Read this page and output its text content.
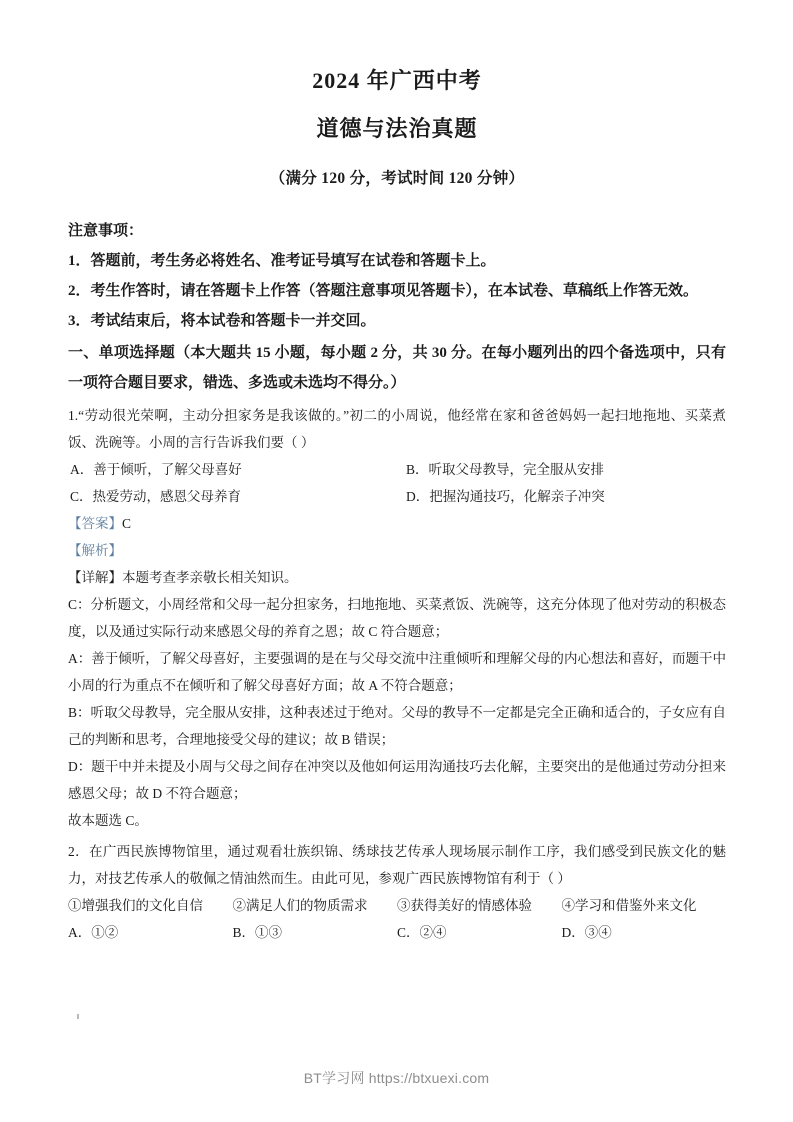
2024 年广西中考
道德与法治真题
（满分 120 分，考试时间 120 分钟）
注意事项：
1．答题前，考生务必将姓名、准考证号填写在试卷和答题卡上。
2．考生作答时，请在答题卡上作答（答题注意事项见答题卡），在本试卷、草稿纸上作答无效。
3．考试结束后，将本试卷和答题卡一并交回。
一、单项选择题（本大题共 15 小题，每小题 2 分，共 30 分。在每小题列出的四个备选项中，只有一项符合题目要求，错选、多选或未选均不得分。）
1.“劳动很光荣啊，主动分担家务是我该做的。”初二的小周说，他经常在家和爸爸妈妈一起扫地拖地、买菜煮饭、洗碗等。小周的言行告诉我们要（ ）
A．善于倾听，了解父母喜好	B．听取父母教导，完全服从安排
C．热爱劳动，感恩父母养育	D．把握沟通技巧，化解亲子冲突
【答案】C
【解析】
【详解】本题考查孝亲敬长相关知识。
C：分析题文，小周经常和父母一起分担家务，扫地拖地、买菜煮饭、洗碗等，这充分体现了他对劳动的积极态度，以及通过实际行动来感恩父母的养育之恩；故 C 符合题意；
A：善于倾听，了解父母喜好，主要强调的是在与父母交流中注重倾听和理解父母的内心想法和喜好，而题干中小周的行为重点不在倾听和了解父母喜好方面；故 A 不符合题意；
B：听取父母教导，完全服从安排，这种表述过于绝对。父母的教导不一定都是完全正确和适合的，子女应有自己的判断和思考，合理地接受父母的建议；故 B 错误；
D：题干中并未提及小周与父母之间存在冲突以及他如何运用沟通技巧去化解，主要突出的是他通过劳动分担来感恩父母；故 D 不符合题意；
故本题选 C。
2．在广西民族博物馆里，通过观看壮族织锦、绣球技艺传承人现场展示制作工序，我们感受到民族文化的魅力，对技艺传承人的敬佩之情油然而生。由此可见，参观广西民族博物馆有利于（ ）
①增强我们的文化自信	②满足人们的物质需求	③获得美好的情感体验	④学习和借鉴外来文化
A．①②	B．①③	C．②④	D．③④
BT学习网 https://btxuexi.com
